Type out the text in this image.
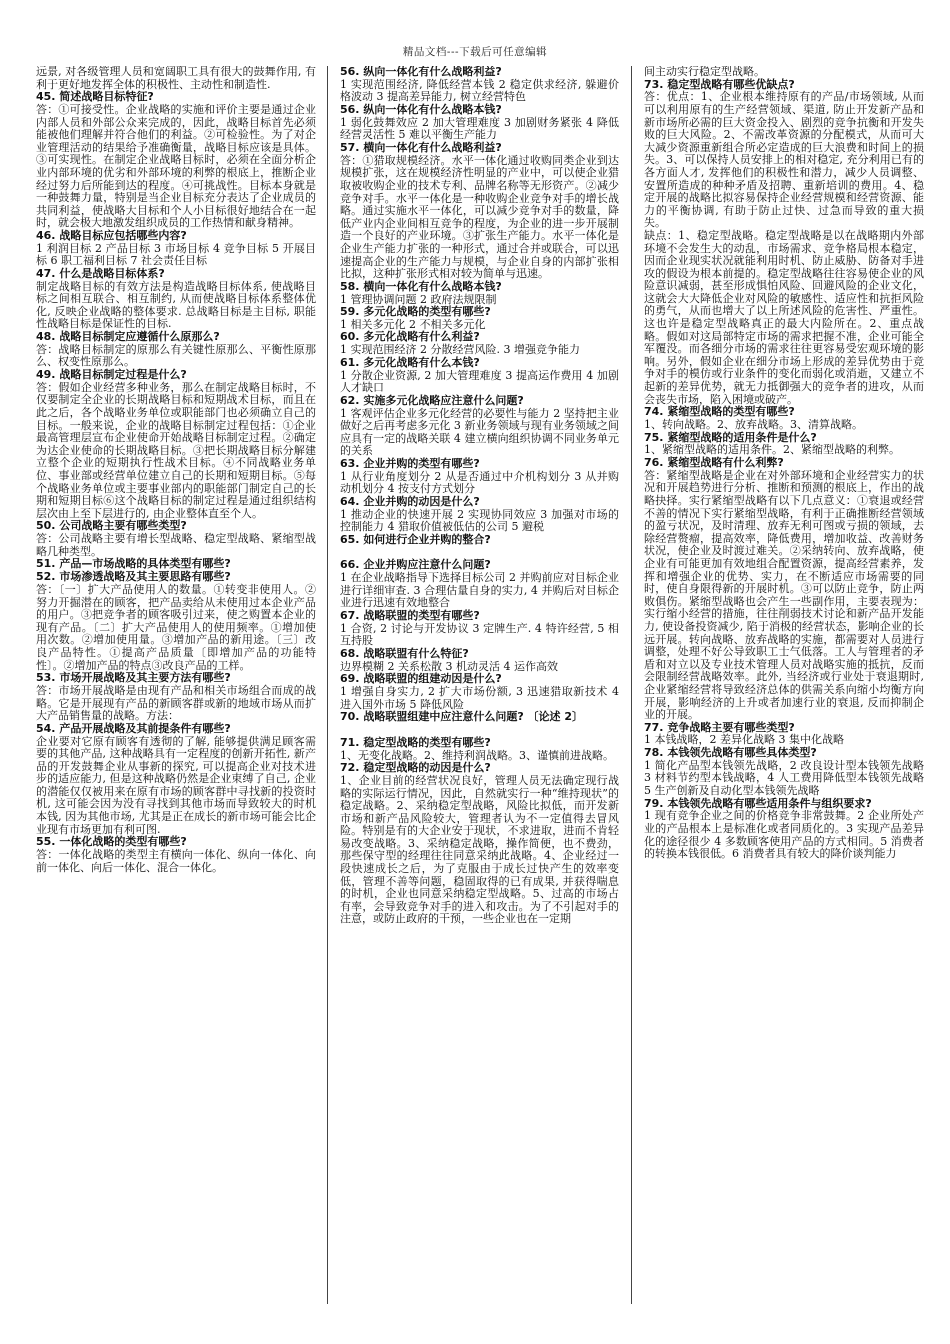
精品文档---下载后可任意编辑

远景, 对各级管理人员和宽阔职工具有很大的鼓舞作用, 有利于更好地发挥全体的积极性、主动性和制造性.

45. 简述战略目标特征?

答：①可接受性。企业战略的实施和评价主要是通过企业内部人员和外部公众来完成的，因此，战略目标首先必须能被他们理解并符合他们的利益。②可检验性。为了对企业管理活动的结果给予准确衡量，战略目标应该是具体。③可实现性。在制定企业战略目标时，必须在全面分析企业内部环境的优劣和外部环境的利弊的根底上，推断企业经过努力后所能到达的程度。④可挑战性。目标本身就是一种鼓舞力量，特别是当企业目标充分表达了企业成员的共同利益，使战略大目标和个人小目标很好地结合在一起时，就会极大地激发组织成员的工作热情和献身精神。

46. 战略目标应包括哪些内容?

1 利润目标 2 产品目标 3 市场目标 4 竞争目标 5 开展目标 6 职工福利目标 7 社会责任目标

47. 什么是战略目标体系?

制定战略目标的有效方法是构造战略目标体系, 使战略目标之间相互联合、相互制约, 从而使战略目标体系整体优化, 反映企业战略的整体要求. 总战略目标是主目标, 职能性战略目标是保证性的目标.

48. 战略目标制定应遵循什么原那么?

答：战略目标制定的原那么有关键性原那么、平衡性原那么、权变性原那么。

49. 战略目标制定过程是什么?

答：假如企业经营多种业务，那么在制定战略目标时，不仅要制定全企业的长期战略目标和短期战术目标，而且在此之后，各个战略业务单位或职能部门也必须确立自己的目标。一般来说，企业的战略目标制定过程包括：①企业最高管理层宣布企业使命开始战略目标制定过程。②确定为达企业使命的长期战略目标。③把长期战略目标分解建立整个企业的短期执行性战术目标。④不同战略业务单位、事业部或经营单位建立自己的长期和短期目标。⑤每个战略业务单位或主要事业部内的职能部门制定自己的长期和短期目标⑥这个战略目标的制定过程是通过组织结构层次由上至下层进行的, 由企业整体直至个人。

50. 公司战略主要有哪些类型?

答：公司战略主要有增长型战略、稳定型战略、紧缩型战略几种类型。

51. 产品—市场战略的具体类型有哪些?

52. 市场渗透战略及其主要思路有哪些?

答：〔一〕扩大产品使用人的数量。①转变非使用人。②努力开掘潜在的顾客，把产品卖给从未使用过本企业产品的用户。③把竞争者的顾客吸引过来，使之购置本企业的现有产品。〔二〕扩大产品使用人的使用频率。①增加使用次数。②增加使用量。③增加产品的新用途。〔三〕改良产品特性。①提高产品质量〔即增加产品的功能特性〕。②增加产品的特点③改良产品的工样。

53. 市场开展战略及其主要方法有哪些?

答：市场开展战略是由现有产品和相关市场组合而成的战略。它是开展现有产品的新顾客群或新的地域市场从而扩大产品销售量的战略。方法：

54. 产品开展战略及其前提条件有哪些?

企业要对它原有顾客有透彻的了解, 能够提供满足顾客需要的其他产品, 这种战略具有一定程度的创新开拓性, 新产品的开发鼓舞企业从事新的探究, 可以提高企业对技术进步的适应能力, 但是这种战略仍然是企业束缚了自己, 企业的潜能仅仅被用来在原有市场的顾客群中寻找新的投资时机, 这可能会因为没有寻找到其他市场而导致较大的时机本钱, 因为其他市场, 尤其是正在成长的新市场可能会比企业现有市场更加有利可图.

55. 一体化战略的类型有哪些?

答：一体化战略的类型主有横向一体化、纵向一体化、向前一体化、向后一体化、混合一体化。

56. 纵向一体化有什么战略利益?

1 实现范围经济, 降低经营本钱 2 稳定供求经济, 躲避价格波动 3 提高差异能力, 树立经营特色

56. 纵向一体化有什么战略本钱?

1 弱化鼓舞效应 2 加大管理难度 3 加剧财务紧张 4 降低经营灵活性 5 难以平衡生产能力

57. 横向一体化有什么战略利益?

答：①猎取规模经济。水平一体化通过收购同类企业到达规模扩张，这在规模经济性明显的产业中，可以使企业猎取被收购企业的技术专利、品牌名称等无形资产。②减少竞争对手。水平一体化是一种收购企业竞争对手的增长战略。通过实施水平一体化，可以减少竞争对手的数量，降低产业内企业间相互竞争的程度，为企业的进一步开展制造一个良好的产业环境。③扩张生产能力。水平一体化是企业生产能力扩张的一种形式，通过合并或联合，可以迅速提高企业的生产能力与规模，与企业自身的内部扩张相比拟，这种扩张形式相对较为简单与迅速。

58. 横向一体化有什么战略本钱?

1 管理协调问题 2 政府法规限制

59. 多元化战略的类型有哪些?

1 相关多元化 2 不相关多元化

60. 多元化战略有什么利益?

1 实现范围经济 2 分散经营风险. 3 增强竞争能力

61. 多元化战略有什么本钱?

1 分散企业资源, 2 加大管理难度 3 提高运作费用 4 加剧人才缺口

62. 实施多元化战略应注意什么问题?

1 客观评估企业多元化经营的必要性与能力 2 坚持把主业做好之后再考虑多元化 3 新业务领域与现有业务领域之间应具有一定的战略关联 4 建立横向组织协调不同业务单元的关系

63. 企业并购的类型有哪些?

1 从行业角度划分 2 从是否通过中介机构划分 3 从并购动机划分 4 按支付方式划分

64. 企业并购的动因是什么?

1 推动企业的快速开展 2 实现协同效应 3 加强对市场的控制能力 4 猎取价值被低估的公司 5 避税

65. 如何进行企业并购的整合?

66. 企业并购应注意什么问题?

1 在企业战略指导下选择目标公司 2 并购前应对目标企业进行详细审查. 3 合理估量自身的实力, 4 并购后对目标企业进行迅速有效地整合

67. 战略联盟的类型有哪些?

1 合资, 2 讨论与开发协议 3 定牌生产. 4 特许经营, 5 相互持股

68. 战略联盟有什么特征?

边界模糊 2 关系松散 3 机动灵活 4 运作高效

69. 战略联盟的组建动因是什么?

1 增强自身实力, 2 扩大市场份额, 3 迅速猎取新技术 4 进入国外市场 5 降低风险

70. 战略联盟组建中应注意什么问题? 〔论述 2〕

71. 稳定型战略的类型有哪些?

1、无变化战略。2、维持利润战略。3、谨慎前进战略。

72. 稳定型战略的动因是什么?

1、企业目前的经营状况良好，管理人员无法确定现行战略的实际运行情况，因此，自然就实行一种“维持现状”的稳定战略。2、采纳稳定型战略，风险比拟低，而开发新市场和新产品风险较大，管理者认为不一定值得去冒风险。特别是有的大企业安于现状，不求进取，进而不肯轻易改变战略。3、采纳稳定战略，操作简便，也不费劲，那些保守型的经理往往同意采纳此战略。4、企业经过一段快速成长之后，为了克服由于成长过快产生的效率变低，管理不善等问题，稳固取得的已有成果, 并获得喘息的时机，企业也同意采纳稳定型战略。5、过高的市场占有率，会导致竞争对手的进入和攻击。为了不引起对手的注意，或防止政府的干预，一些企业也在一定期

间主动实行稳定型战略。

73. 稳定型战略有哪些优缺点?

答：优点：1、企业根本维持原有的产品/市场领域, 从而可以利用原有的生产经营领域、渠道, 防止开发新产品和新市场所必需的巨大资金投入、剧烈的竞争抗衡和开发失败的巨大风险。2、不需改革资源的分配模式，从而可大大减少资源重新组合所必定造成的巨大浪费和时间上的损失。3、可以保持人员安排上的相对稳定, 充分利用已有的各方面人才, 发挥他们的积极性和潜力，减少人员调整、安置所造成的种种矛盾及招聘、重新培训的费用。4、稳定开展的战略比拟容易保持企业经营规模和经营资源、能力的平衡协调, 有助于防止过快、过急而导致的重大损失。

缺点：1、稳定型战略。稳定型战略是以在战略期内外部环境不会发生大的动乱，市场需求、竞争格局根本稳定，因而企业现实状况就能利用时机、防止威胁、防备对手进攻的假设为根本前提的。稳定型战略往往容易使企业的风险意识减弱，甚至形成惧怕风险、回避风险的企业文化，这就会大大降低企业对风险的敏感性、适应性和抗拒风险的勇气，从而也增大了以上所述风险的危害性、严重性。这也许是稳定型战略真正的最大内险所在。2、重点战略。假如对这局部特定市场的需求把握不准，企业可能全军覆没。而各细分市场的需求往往更容易受宏观环境的影响。另外，假如企业在细分市场上形成的差异优势由于竞争对手的模仿或行业条件的变化而弱化或消逝，又建立不起新的差异优势，就无力抵御强大的竞争者的进攻，从而会丧失市场，陷入困境或破产。

74. 紧缩型战略的类型有哪些?

1、转向战略。2、放弃战略。3、清算战略。

75. 紧缩型战略的适用条件是什么?

1、紧缩型战略的适用条件。2、紧缩型战略的利弊。

76. 紧缩型战略有什么利弊?

答：紧缩型战略是企业在对外部环境和企业经营实力的状况和开展趋势进行分析、推断和预测的根底上，作出的战略抉择。实行紧缩型战略有以下几点意义：①衰退或经营不善的情况下实行紧缩型战略，有利于正确推断经营领域的盈亏状况，及时清理、放弃无利可图或亏损的领域，去除经营赘瘤，提高效率，降低费用，增加收益、改善财务状况，使企业及时渡过难关。②采纳转向、放弃战略，使企业有可能更加有效地组合配置资源，提高经营素养，发挥和增强企业的优势、实力，在不断适应市场需要的同时，使自身限得新的开展时机。③可以防止竞争，防止两败俱伤。紧缩型战略也会产生一些副作用，主要表现为：实行缩小经营的措施，往往削弱技术讨论和新产品开发能力, 使设备投资减少, 陷于消极的经营状态，影响企业的长远开展。转向战略、放弃战略的实施，都需要对人员进行调整，处理不好公导致职工士气低落。工人与管理者的矛盾和对立以及专业技术管理人员对战略实施的抵抗，反而会限制经营战略效率。此外, 当经济或行业处于衰退期时, 企业紧缩经营将导致经济总体的供需关系向缩小均衡方向开展，影响经济的上升或者加速行业的衰退, 反而抑制企业的开展。

77. 竞争战略主要有哪些类型?

1 本钱战略，2 差异化战略 3 集中化战略

78. 本钱领先战略有哪些具体类型?

1 简化产品型本钱领先战略，2 改良设计型本钱领先战略 3 材料节约型本钱战略，4 人工费用降低型本钱领先战略 5 生产创新及自动化型本钱领先战略

79. 本钱领先战略有哪些适用条件与组织要求?

1 现有竞争企业之间的价格竞争非常鼓舞。2 企业所处产业的产品根本上是标准化或者同质化的。3 实现产品差异化的途径很少 4 多数顾客使用产品的方式相同。5 消费者的转换本钱很低。6 消费者具有较大的降价谈判能力
